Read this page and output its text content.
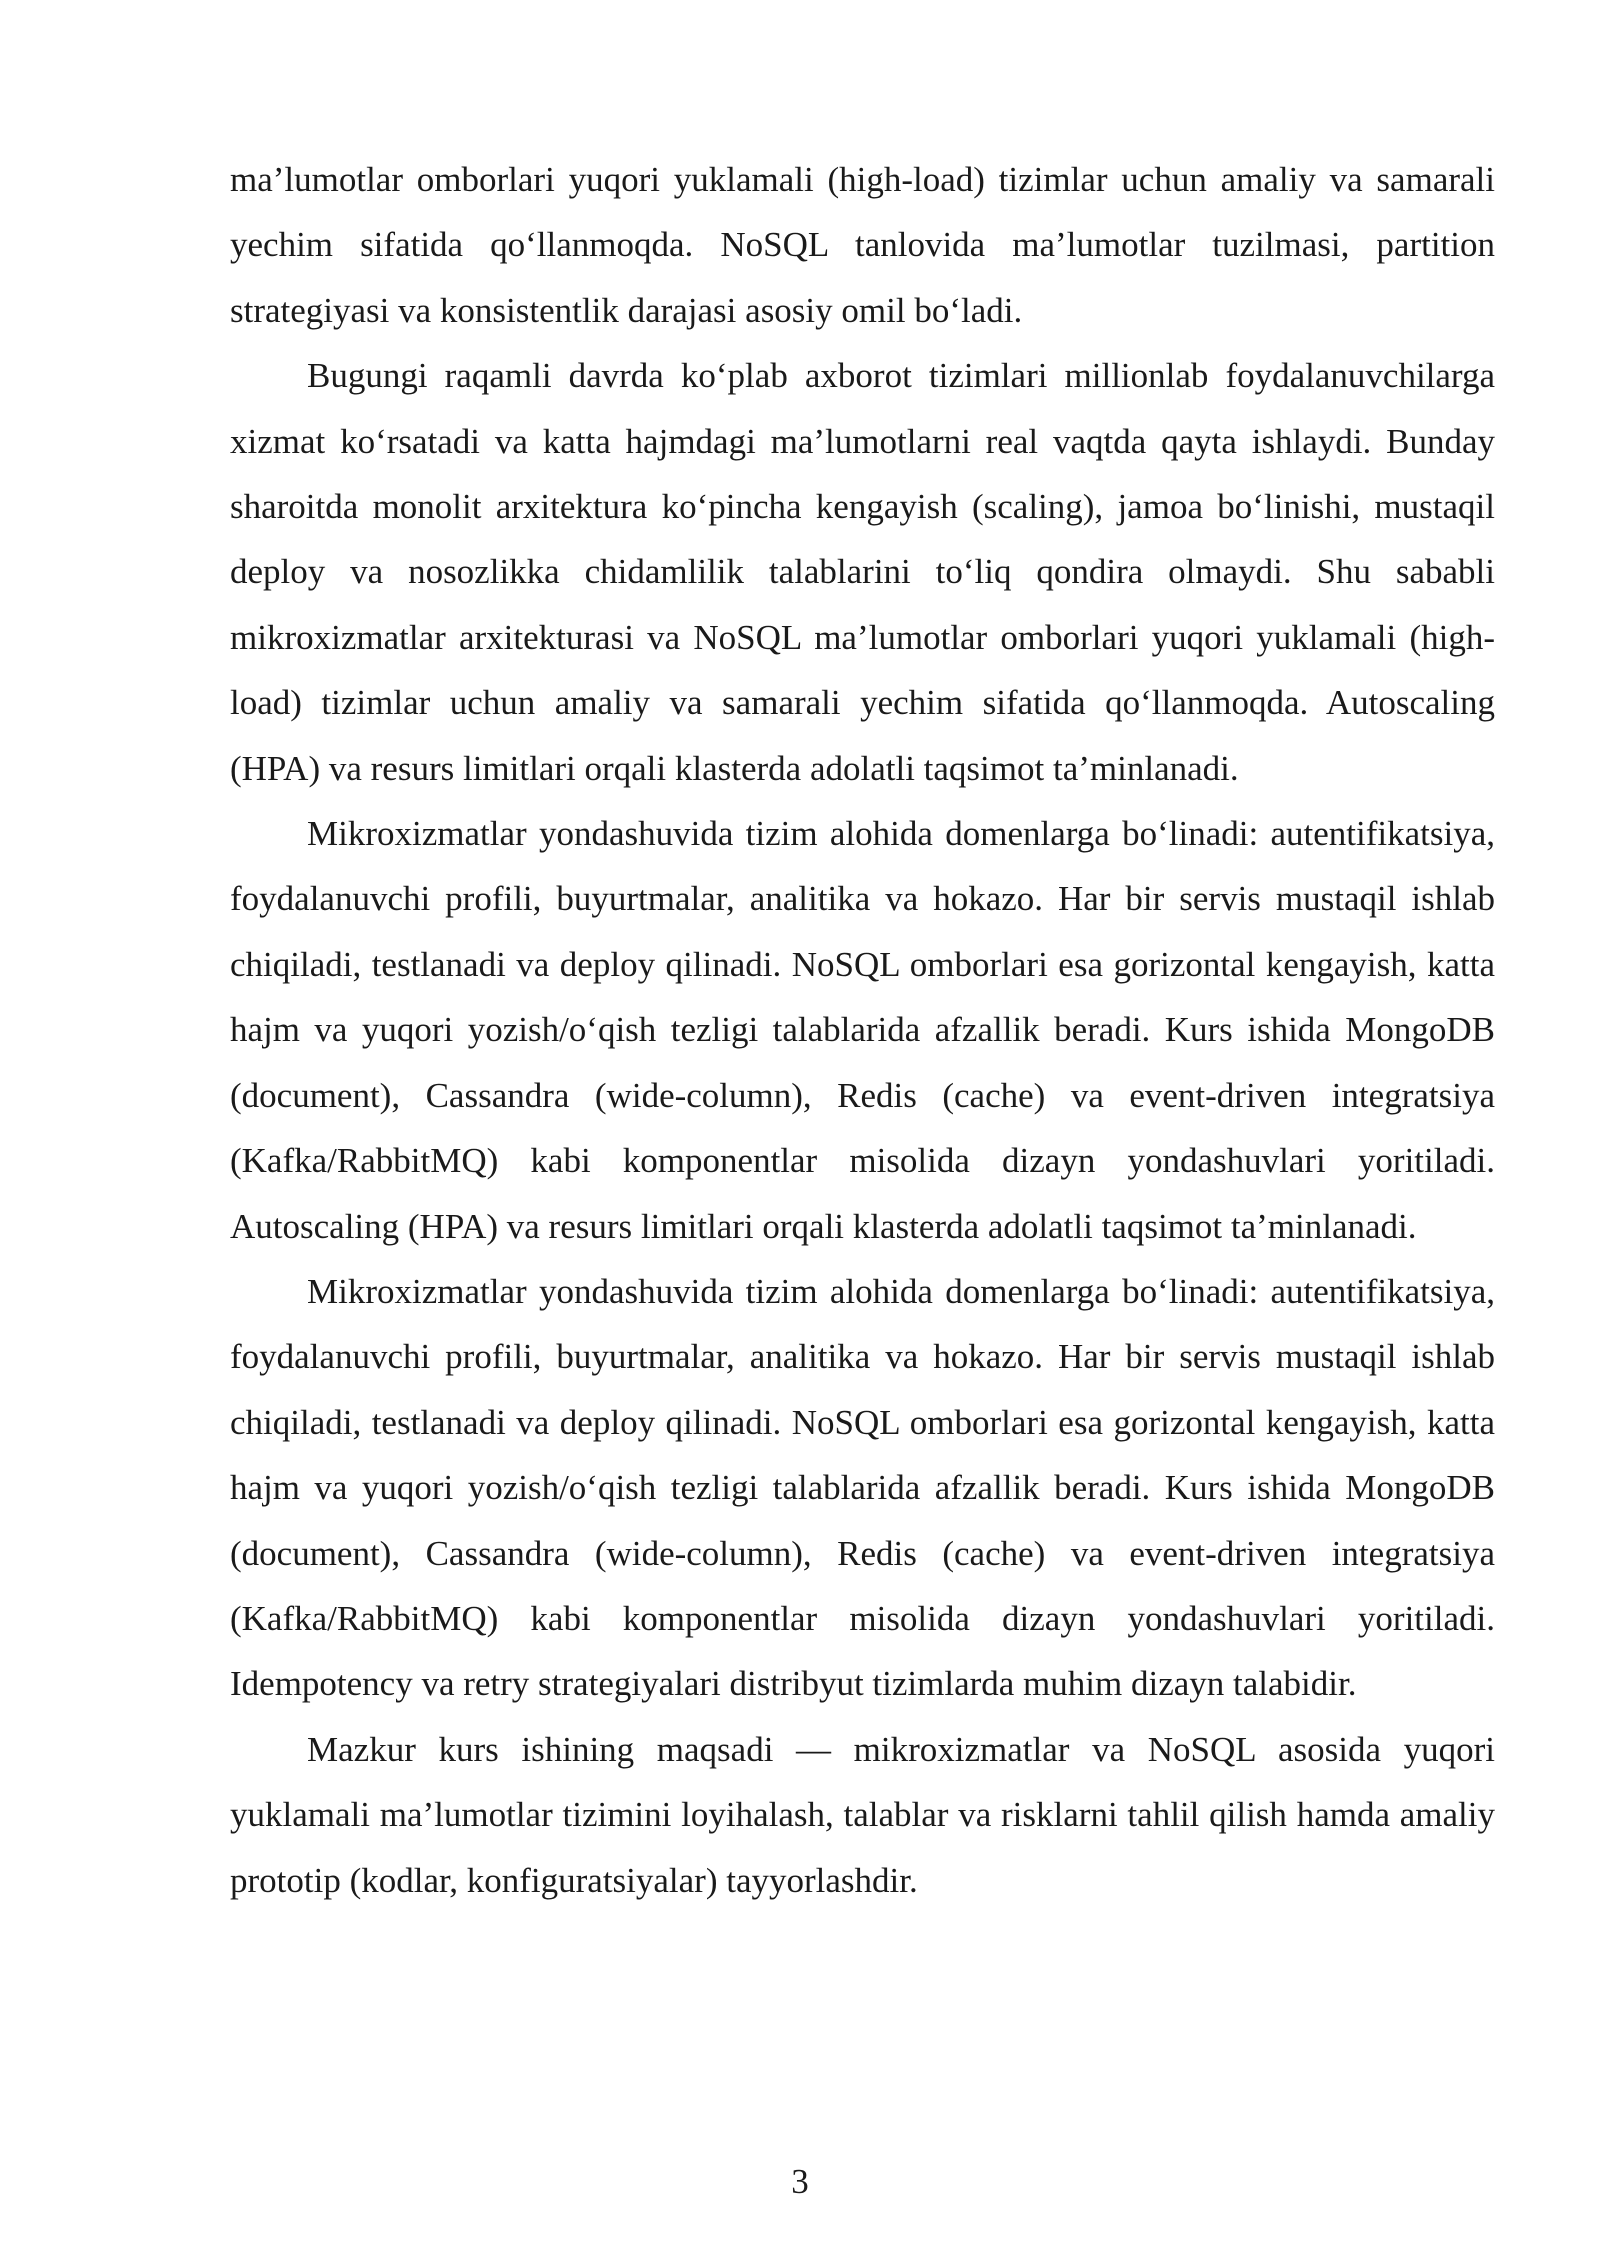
ma’lumotlar omborlari yuqori yuklamali (high-load) tizimlar uchun amaliy va samarali yechim sifatida qo‘llanmoqda. NoSQL tanlovida ma’lumotlar tuzilmasi, partition strategiyasi va konsistentlik darajasi asosiy omil bo‘ladi.

Bugungi raqamli davrda ko‘plab axborot tizimlari millionlab foydalanuvchilarga xizmat ko‘rsatadi va katta hajmdagi ma’lumotlarni real vaqtda qayta ishlaydi. Bunday sharoitda monolit arxitektura ko‘pincha kengayish (scaling), jamoa bo‘linishi, mustaqil deploy va nosozlikka chidamlilik talablarini to‘liq qondira olmaydi. Shu sababli mikroxizmatlar arxitekturasi va NoSQL ma’lumotlar omborlari yuqori yuklamali (high-load) tizimlar uchun amaliy va samarali yechim sifatida qo‘llanmoqda. Autoscaling (HPA) va resurs limitlari orqali klasterda adolatli taqsimot ta’minlanadi.

Mikroxizmatlar yondashuvida tizim alohida domenlarga bo‘linadi: autentifikatsiya, foydalanuvchi profili, buyurtmalar, analitika va hokazo. Har bir servis mustaqil ishlab chiqiladi, testlanadi va deploy qilinadi. NoSQL omborlari esa gorizontal kengayish, katta hajm va yuqori yozish/o‘qish tezligi talablarida afzallik beradi. Kurs ishida MongoDB (document), Cassandra (wide-column), Redis (cache) va event-driven integratsiya (Kafka/RabbitMQ) kabi komponentlar misolida dizayn yondashuvlari yoritiladi. Autoscaling (HPA) va resurs limitlari orqali klasterda adolatli taqsimot ta’minlanadi.

Mikroxizmatlar yondashuvida tizim alohida domenlarga bo‘linadi: autentifikatsiya, foydalanuvchi profili, buyurtmalar, analitika va hokazo. Har bir servis mustaqil ishlab chiqiladi, testlanadi va deploy qilinadi. NoSQL omborlari esa gorizontal kengayish, katta hajm va yuqori yozish/o‘qish tezligi talablarida afzallik beradi. Kurs ishida MongoDB (document), Cassandra (wide-column), Redis (cache) va event-driven integratsiya (Kafka/RabbitMQ) kabi komponentlar misolida dizayn yondashuvlari yoritiladi. Idempotency va retry strategiyalari distribyut tizimlarda muhim dizayn talabidir.

Mazkur kurs ishining maqsadi — mikroxizmatlar va NoSQL asosida yuqori yuklamali ma’lumotlar tizimini loyihalash, talablar va risklarni tahlil qilish hamda amaliy prototip (kodlar, konfiguratsiyalar) tayyorlashdir.

3
